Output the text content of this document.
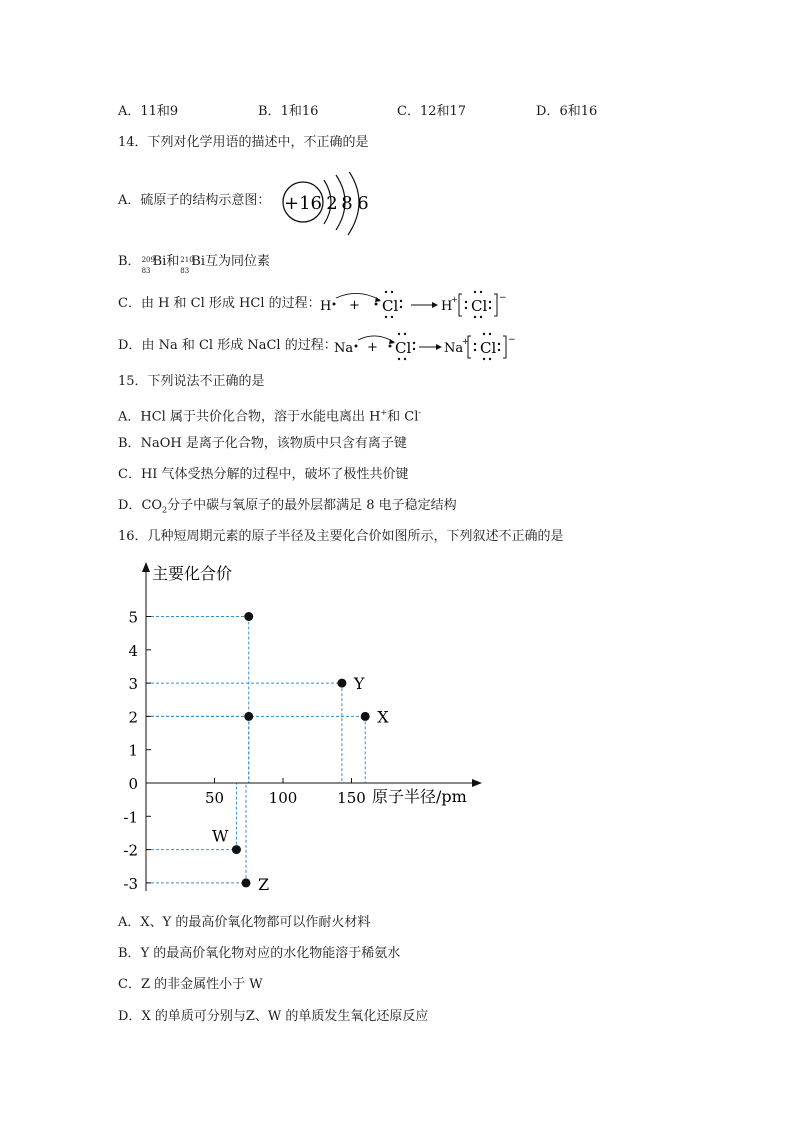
A．11和9	B．1和16	C．12和17	D．6和16
14．下列对化学用语的描述中，不正确的是
A．硫原子的结构示意图： +16 2 8 6
B． 209
83
Bi和 210
83
Bi互为同位素
C．由 H 和 Cl 形成 HCl 的过程： H + Cl	H
+ Cl −
D．由 Na 和 Cl 形成 NaCl 的过程：
Na + Cl	Na
+ Cl −
15．下列说法不正确的是
A．HCl 属于共价化合物，溶于水能电离出 H+和 Cl-
B．NaOH 是离子化合物，该物质中只含有离子键
C．HI 气体受热分解的过程中，破坏了极性共价键
D．$CO_2$分子中碳与氧原子的最外层都满足 8 电子稳定结构
16．几种短周期元素的原子半径及主要化合价如图所示，下列叙述不正确的是
5
4
3
2
1
0
-1
-2
-3
50	100	150
Y
X
W
Z
主要化合价
原子半径/pm
A．X、Y 的最高价氧化物都可以作耐火材料
B．Y 的最高价氧化物对应的水化物能溶于稀氨水
C．Z 的非金属性小于 W
D．X 的单质可分别与Z、W 的单质发生氧化还原反应
